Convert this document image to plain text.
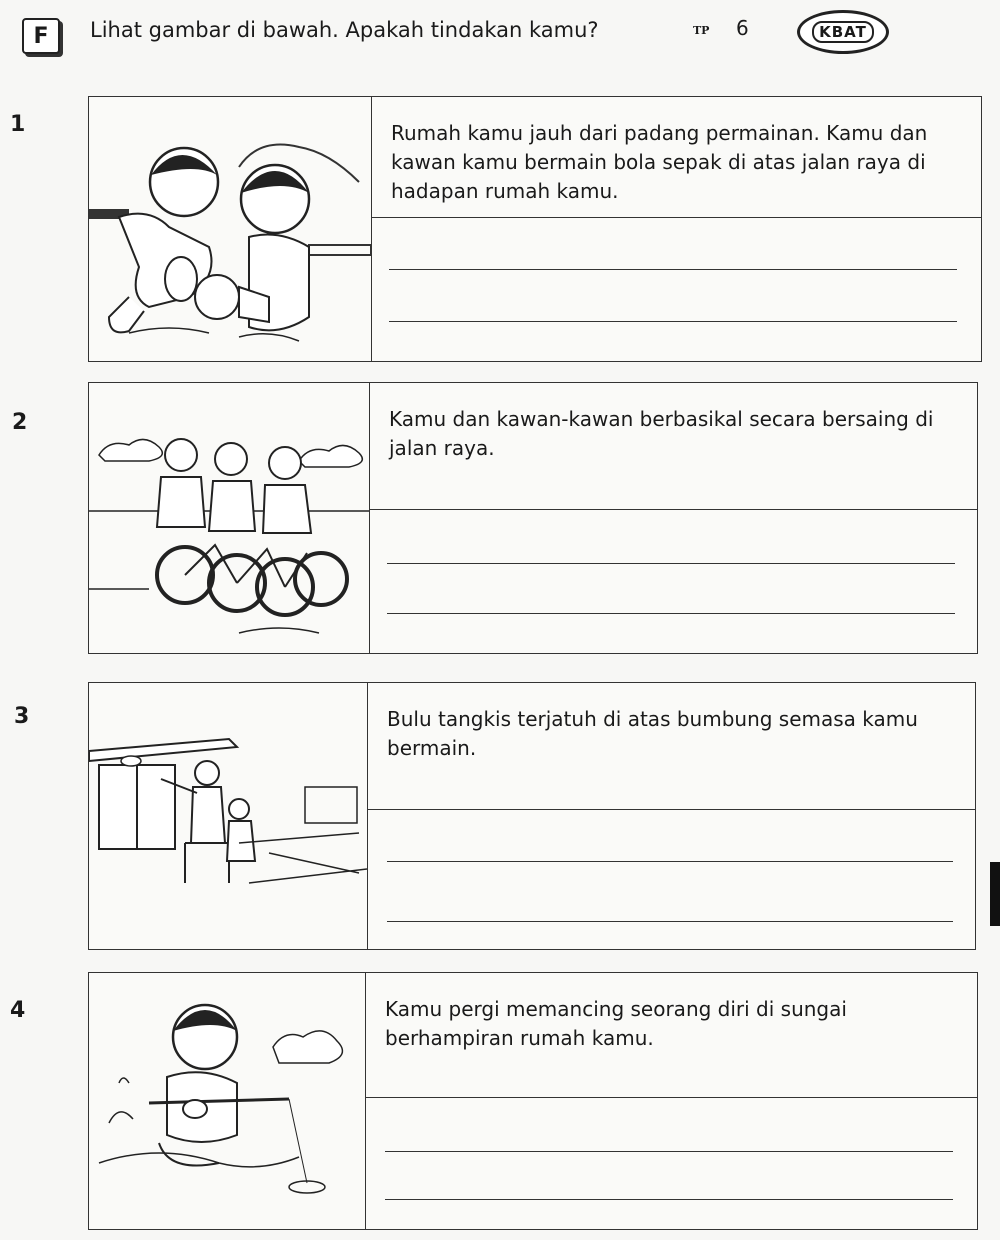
F	Lihat gambar di bawah. Apakah tindakan kamu?	TP 6	KBAT
1	Rumah kamu jauh dari padang permainan. Kamu dan kawan kamu bermain bola sepak di atas jalan raya di hadapan rumah kamu.
2	Kamu dan kawan-kawan berbasikal secara bersaing di jalan raya.
3	Bulu tangkis terjatuh di atas bumbung semasa kamu bermain.
4	Kamu pergi memancing seorang diri di sungai berhampiran rumah kamu.
